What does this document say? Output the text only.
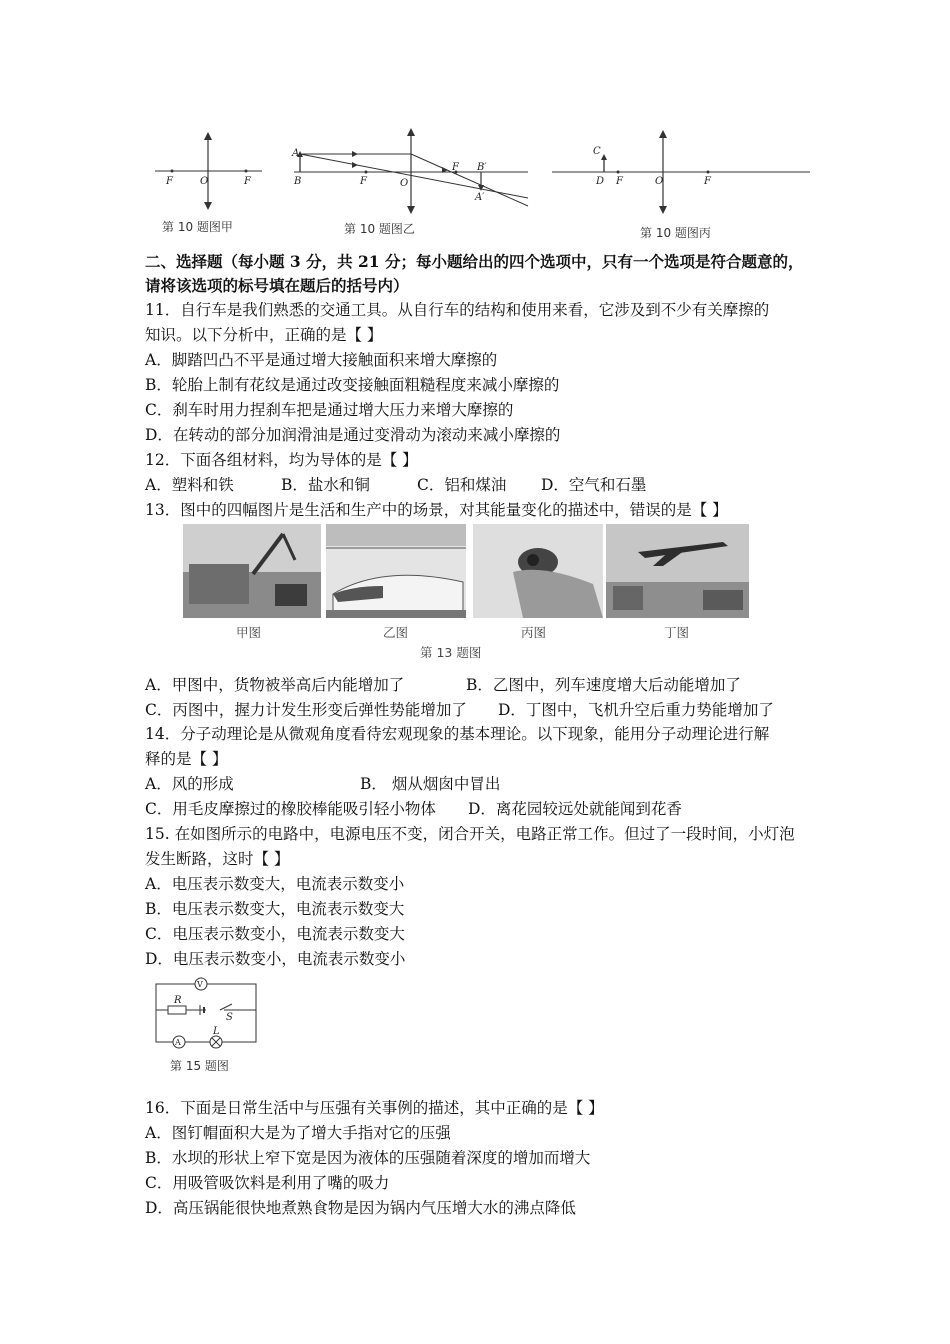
F	O	F
第 10 题图甲
A
B	F	O
F B′
A′
第 10 题图乙
C
D F	O	F
第 10 题图丙
二、选择题（每小题 3 分，共 21 分；每小题给出的四个选项中，只有一个选项是符合题意的，
请将该选项的标号填在题后的括号内）
11．自行车是我们熟悉的交通工具。从自行车的结构和使用来看，它涉及到不少有关摩擦的
知识。以下分析中，正确的是【 】
A．脚踏凹凸不平是通过增大接触面积来增大摩擦的
B．轮胎上制有花纹是通过改变接触面粗糙程度来减小摩擦的
C．刹车时用力捏刹车把是通过增大压力来增大摩擦的
D．在转动的部分加润滑油是通过变滑动为滚动来减小摩擦的
12．下面各组材料，均为导体的是【 】
A．塑料和铁	B．盐水和铜	C．铝和煤油 D．空气和石墨
13．图中的四幅图片是生活和生产中的场景，对其能量变化的描述中，错误的是【 】
甲图	乙图	丙图	丁图
第 13 题图
A．甲图中，货物被举高后内能增加了	B．乙图中，列车速度增大后动能增加了
C．丙图中，握力计发生形变后弹性势能增加了 D．丁图中，飞机升空后重力势能增加了
14．分子动理论是从微观角度看待宏观现象的基本理论。以下现象，能用分子动理论进行解
释的是【 】
A．风的形成	B． 烟从烟囱中冒出
C．用毛皮摩擦过的橡胶棒能吸引轻小物体 D．离花园较远处就能闻到花香
15. 在如图所示的电路中，电源电压不变，闭合开关，电路正常工作。但过了一段时间，小灯泡
发生断路，这时【 】
A．电压表示数变大，电流表示数变小
B．电压表示数变大，电流表示数变大
C．电压表示数变小，电流表示数变大
D．电压表示数变小，电流表示数变小
V
R
S
A
L
第 15 题图
16．下面是日常生活中与压强有关事例的描述，其中正确的是【 】
A．图钉帽面积大是为了增大手指对它的压强
B．水坝的形状上窄下宽是因为液体的压强随着深度的增加而增大
C．用吸管吸饮料是利用了嘴的吸力
D．高压锅能很快地煮熟食物是因为锅内气压增大水的沸点降低
